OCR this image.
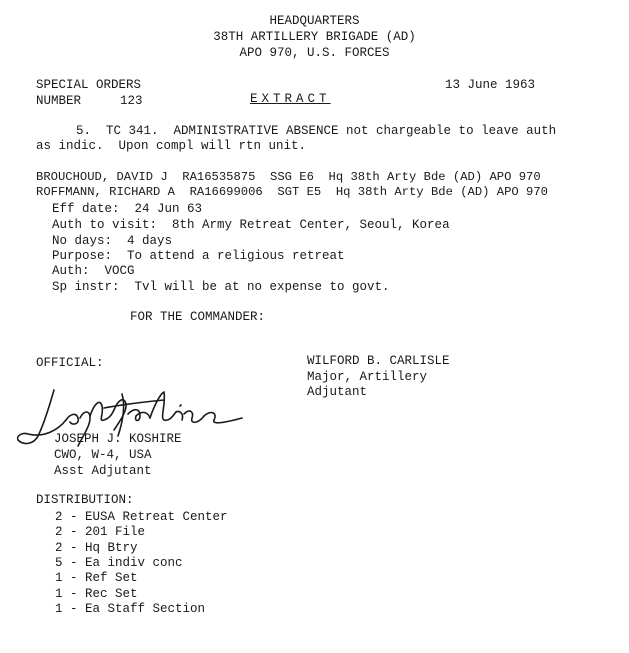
HEADQUARTERS
38TH ARTILLERY BRIGADE (AD)
APO 970, U.S. FORCES
SPECIAL ORDERS	13 June 1963
NUMBER	123	EXTRACT
5.  TC 341.  ADMINISTRATIVE ABSENCE not chargeable to leave auth
as indic.  Upon compl will rtn unit.
BROUCHOUD, DAVID J  RA16535875  SSG E6  Hq 38th Arty Bde (AD) APO 970
ROFFMANN, RICHARD A  RA16699006  SGT E5  Hq 38th Arty Bde (AD) APO 970
Eff date:  24 Jun 63
Auth to visit:  8th Army Retreat Center, Seoul, Korea
No days:  4 days
Purpose:  To attend a religious retreat
Auth:  VOCG
Sp instr:  Tvl will be at no expense to govt.
FOR THE COMMANDER:
OFFICIAL:	WILFORD B. CARLISLE
Major, Artillery
Adjutant
JOSEPH J. KOSHIRE
CWO, W-4, USA
Asst Adjutant
DISTRIBUTION:
2 - EUSA Retreat Center
2 - 201 File
2 - Hq Btry
5 - Ea indiv conc
1 - Ref Set
1 - Rec Set
1 - Ea Staff Section
